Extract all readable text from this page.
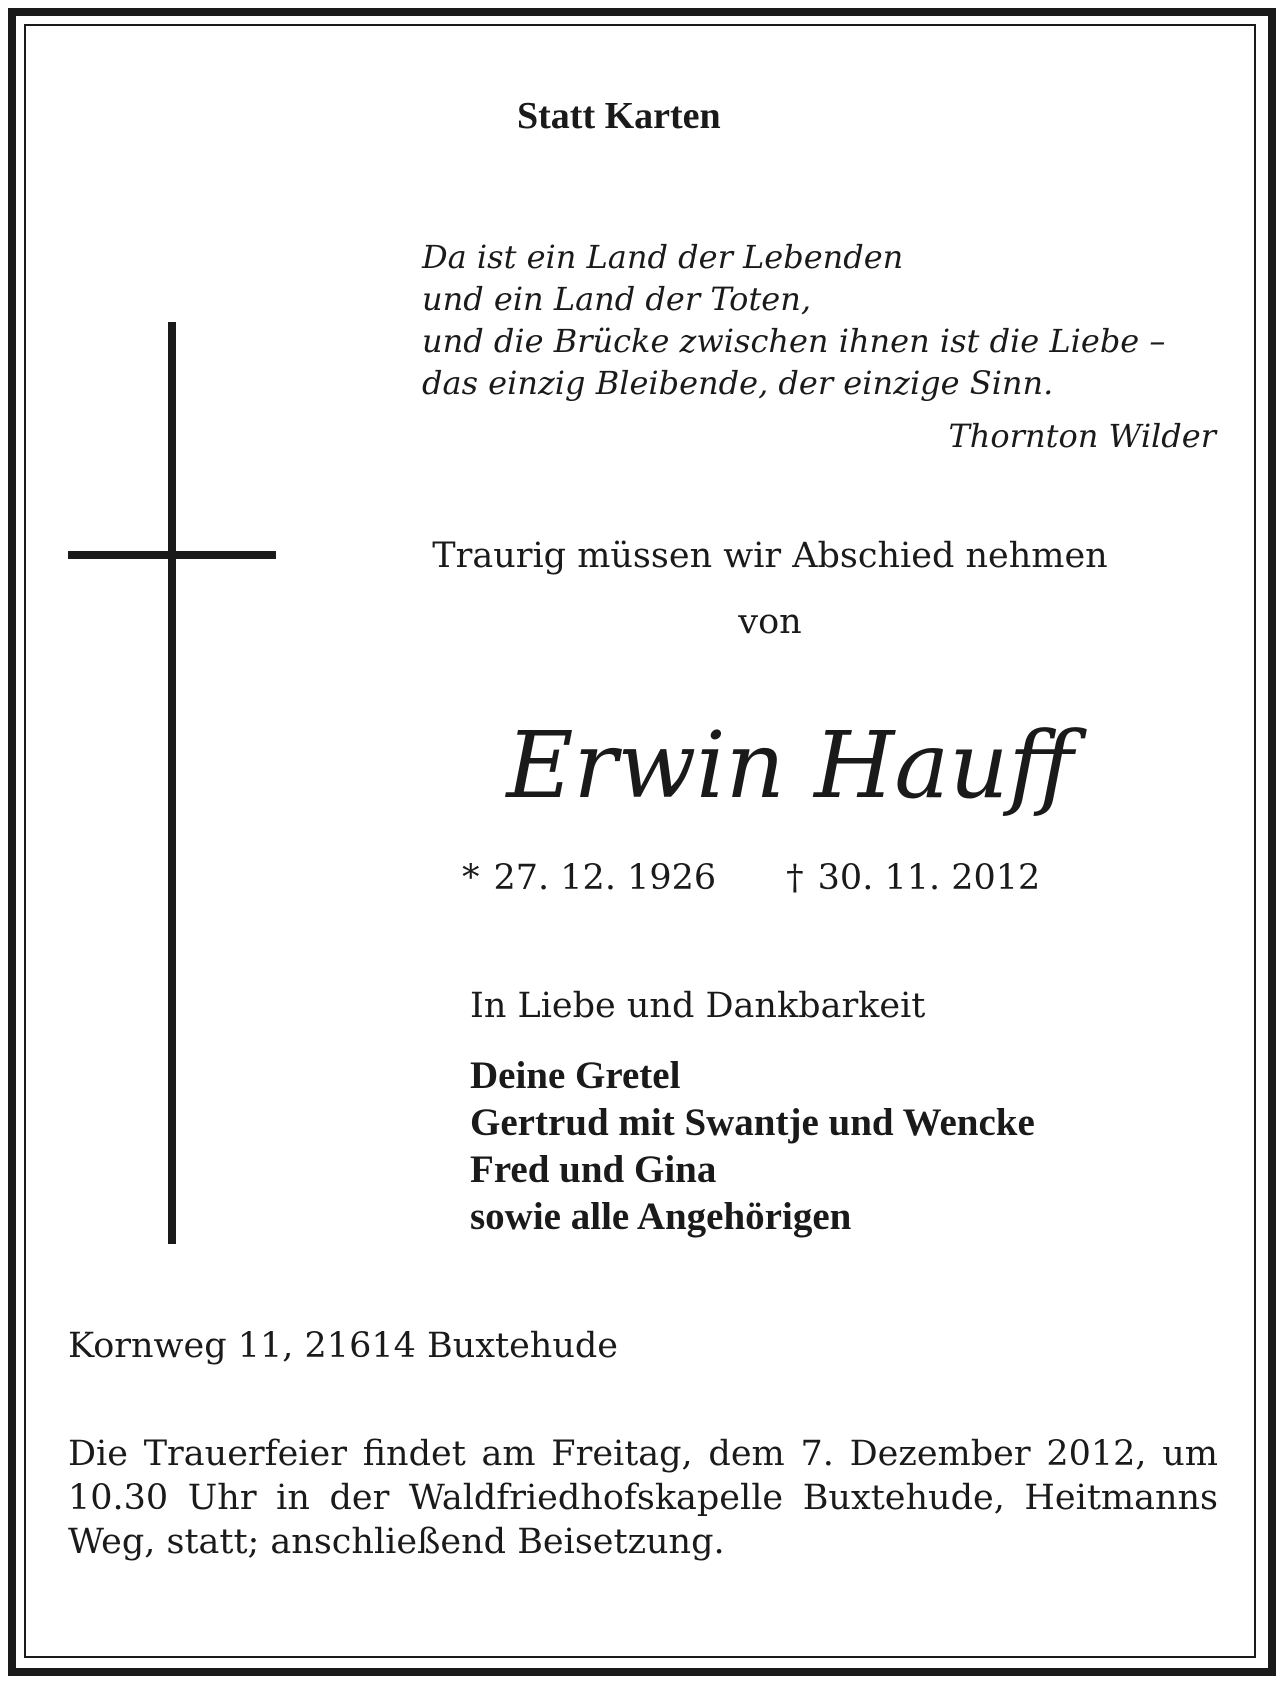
Statt Karten
Da ist ein Land der Lebenden
und ein Land der Toten,
und die Brücke zwischen ihnen ist die Liebe –
das einzig Bleibende, der einzige Sinn.
Thornton Wilder
Traurig müssen wir Abschied nehmen
von
Erwin Hauff
* 27. 12. 1926 † 30. 11. 2012
In Liebe und Dankbarkeit
Deine Gretel
Gertrud mit Swantje und Wencke
Fred und Gina
sowie alle Angehörigen
Kornweg 11, 21614 Buxtehude
Die Trauerfeier findet am Freitag, dem 7. Dezember 2012, um 10.30 Uhr in der Waldfriedhofskapelle Buxtehude, Heitmanns Weg, statt; anschließend Beisetzung.
